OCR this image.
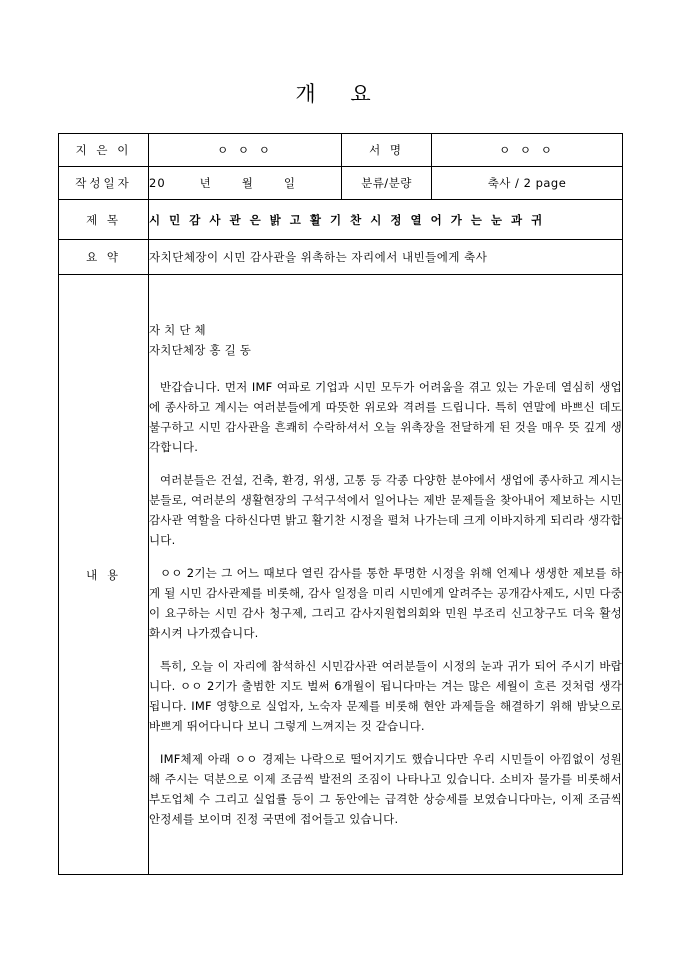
개 요
지 은 이	ㅇ ㅇ ㅇ	서 명	ㅇ ㅇ ㅇ
작성일자	20 년 월 일	분류/분량	축사 / 2 page
제 목	시 민 감 사 관 은 밝 고 활 기 찬 시 정 열 어 가 는 눈 과 귀		
요 약	자치단체장이 시민 감사관을 위촉하는 자리에서 내빈들에게 축사		
내 용	

자 치 단 체

자치단체장 홍 길 동

반갑습니다. 먼저 IMF 여파로 기업과 시민 모두가 어려움을 겪고 있는 가운데 열심히 생업에 종사하고 계시는 여러분들에게 따뜻한 위로와 격려를 드립니다. 특히 연말에 바쁘신 데도 불구하고 시민 감사관을 흔쾌히 수락하셔서 오늘 위촉장을 전달하게 된 것을 매우 뜻 깊게 생각합니다.

여러분들은 건설, 건축, 환경, 위생, 고통 등 각종 다양한 분야에서 생업에 종사하고 계시는 분들로, 여러분의 생활현장의 구석구석에서 일어나는 제반 문제들을 찾아내어 제보하는 시민 감사관 역할을 다하신다면 밝고 활기찬 시정을 펼쳐 나가는데 크게 이바지하게 되리라 생각합니다.

ㅇㅇ 2기는 그 어느 때보다 열린 감사를 통한 투명한 시정을 위해 언제나 생생한 제보를 하게 될 시민 감사관제를 비롯해, 감사 일정을 미리 시민에게 알려주는 공개감사제도, 시민 다중이 요구하는 시민 감사 청구제, 그리고 감사지원협의회와 민원 부조리 신고창구도 더욱 활성화시켜 나가겠습니다.

특히, 오늘 이 자리에 참석하신 시민감사관 여러분들이 시정의 눈과 귀가 되어 주시기 바랍니다. ㅇㅇ 2기가 출범한 지도 벌써 6개월이 됩니다마는 겨는 많은 세월이 흐른 것처럼 생각됩니다. IMF 영향으로 실업자, 노숙자 문제를 비롯해 현안 과제들을 해결하기 위해 밤낮으로 바쁘게 뛰어다니다 보니 그렇게 느껴지는 것 같습니다.

IMF체제 아래 ㅇㅇ 경제는 나락으로 떨어지기도 했습니다만 우리 시민들이 아낌없이 성원해 주시는 덕분으로 이제 조금씩 발전의 조짐이 나타나고 있습니다. 소비자 물가를 비롯해서 부도업체 수 그리고 실업률 등이 그 동안에는 급격한 상승세를 보였습니다마는, 이제 조금씩 안정세를 보이며 진정 국면에 접어들고 있습니다.
